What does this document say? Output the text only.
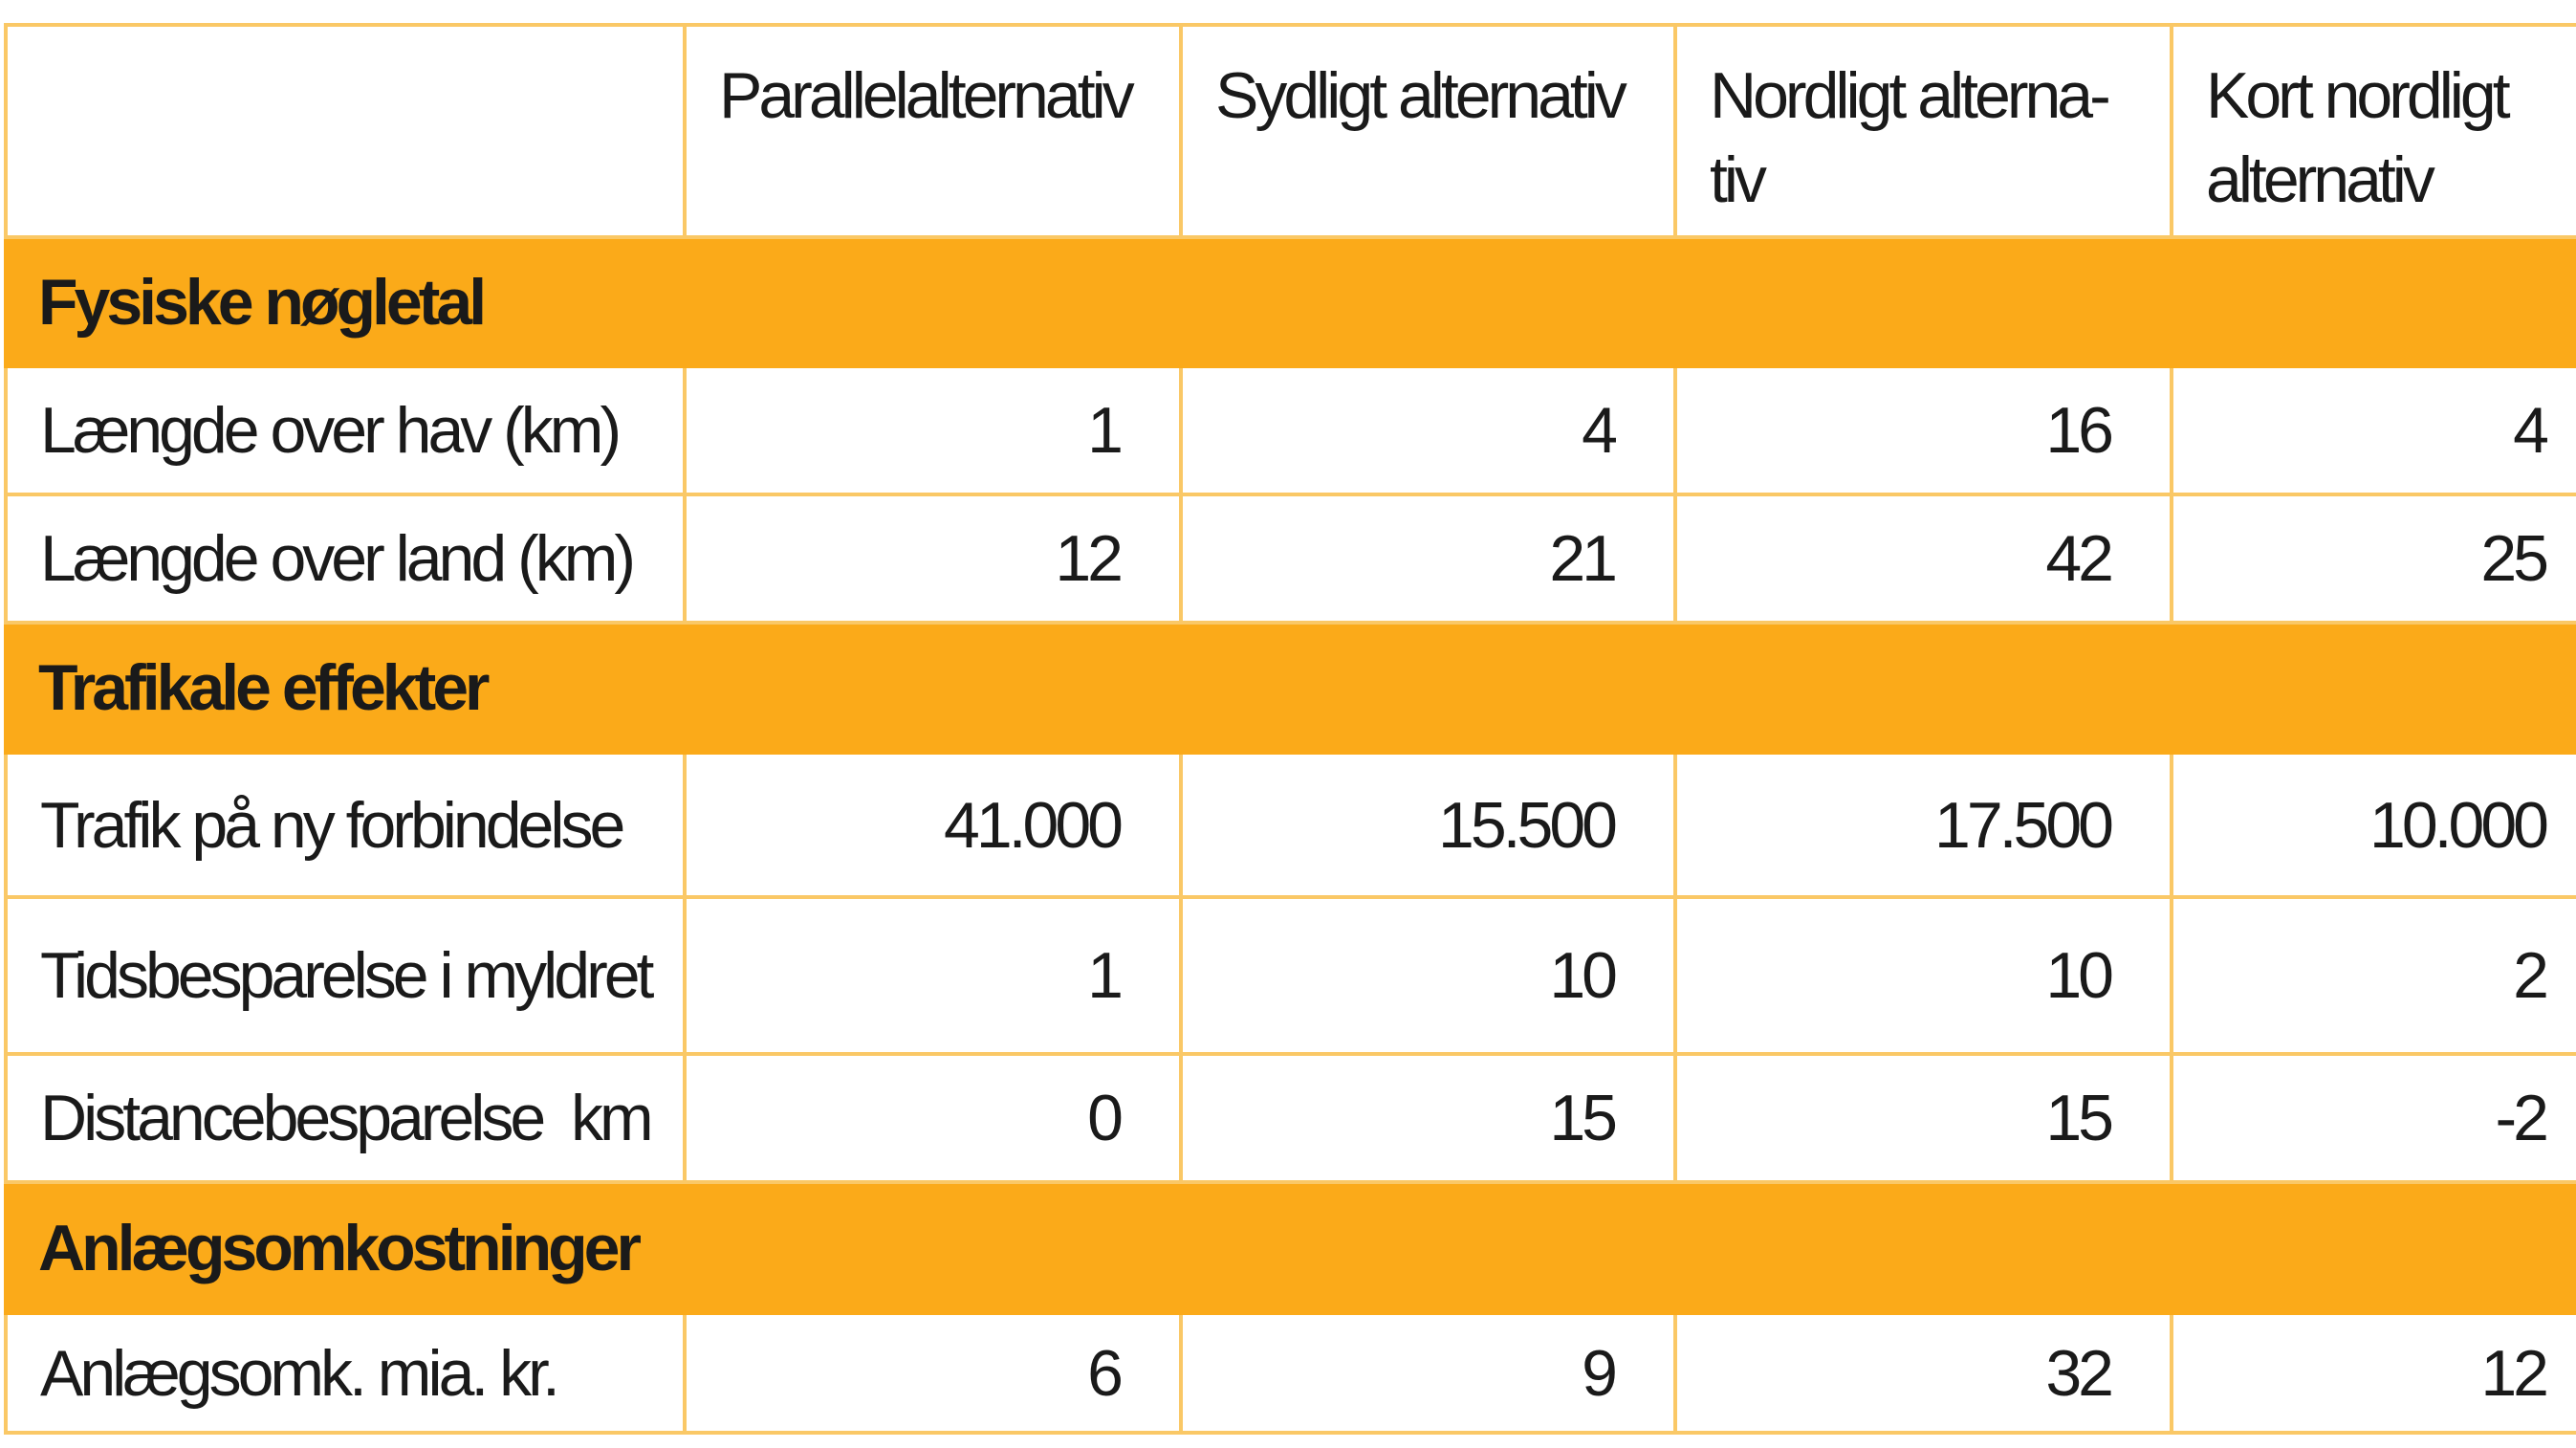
	Parallelalternativ	Sydligt alternativ	Nordligt alterna-tiv	Kort nordligt alternativ
Fysiske nøgletal				
Længde over hav (km)	1	4	16	4
Længde over land (km)	12	21	42	25
Trafikale effekter				
Trafik på ny forbindelse	41.000	15.500	17.500	10.000
Tidsbesparelse i myldret	1	10	10	2
Distancebesparelse  km	0	15	15	-2
Anlægsomkostninger				
Anlægsomk. mia. kr.	6	9	32	12
